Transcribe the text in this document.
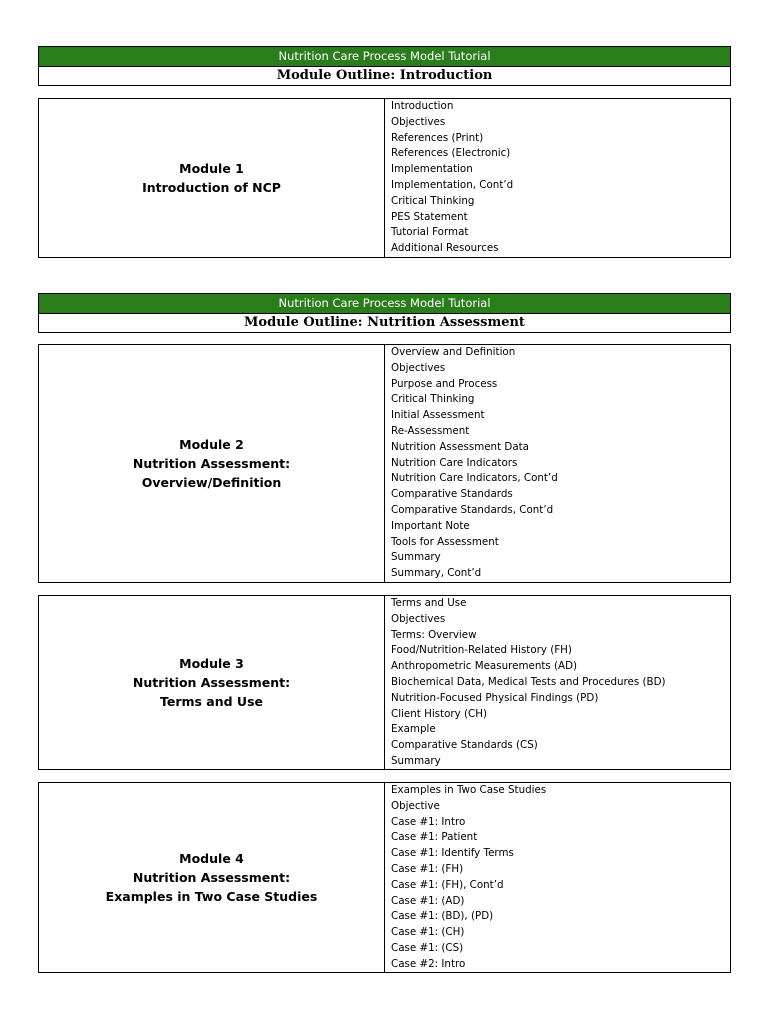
Nutrition Care Process Model Tutorial
Module Outline: Introduction
Module 1
Introduction of NCP
Introduction
Objectives
References (Print)
References (Electronic)
Implementation
Implementation, Cont’d
Critical Thinking
PES Statement
Tutorial Format
Additional Resources
Nutrition Care Process Model Tutorial
Module Outline: Nutrition Assessment
Module 2
Nutrition Assessment:
Overview/Definition
Overview and Definition
Objectives
Purpose and Process
Critical Thinking
Initial Assessment
Re-Assessment
Nutrition Assessment Data
Nutrition Care Indicators
Nutrition Care Indicators, Cont’d
Comparative Standards
Comparative Standards, Cont’d
Important Note
Tools for Assessment
Summary
Summary, Cont’d
Module 3
Nutrition Assessment:
Terms and Use
Terms and Use
Objectives
Terms: Overview
Food/Nutrition-Related History (FH)
Anthropometric Measurements (AD)
Biochemical Data, Medical Tests and Procedures (BD)
Nutrition-Focused Physical Findings (PD)
Client History (CH)
Example
Comparative Standards (CS)
Summary
Module 4
Nutrition Assessment:
Examples in Two Case Studies
Examples in Two Case Studies
Objective
Case #1: Intro
Case #1: Patient
Case #1: Identify Terms
Case #1: (FH)
Case #1: (FH), Cont’d
Case #1: (AD)
Case #1: (BD), (PD)
Case #1: (CH)
Case #1: (CS)
Case #2: Intro
